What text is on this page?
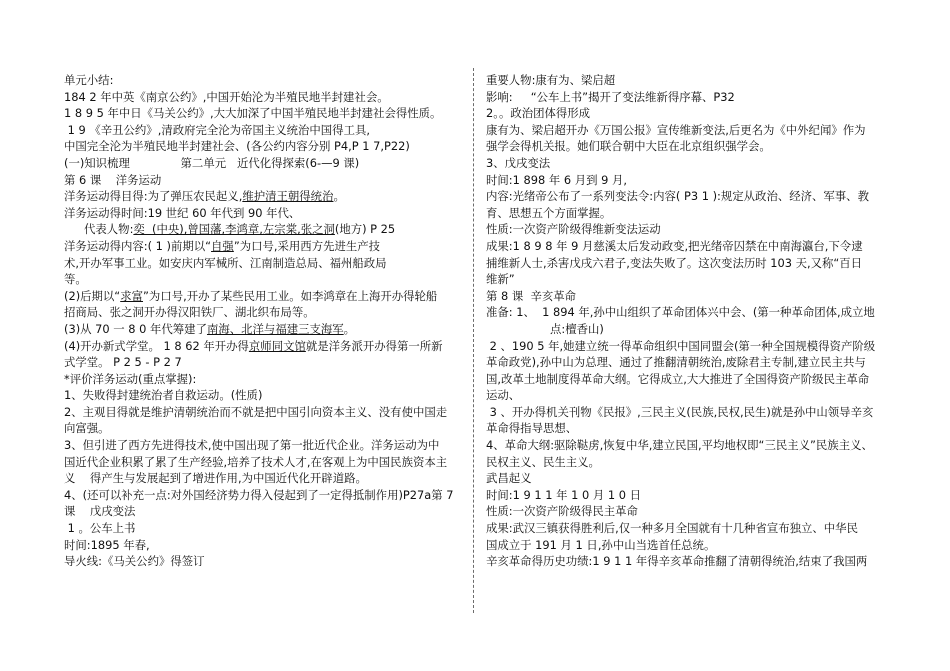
单元小结:
184 2 年中英《南京公约》,中国开始沦为半殖民地半封建社会。
1 8 9 5 年中日《马关公约》,大大加深了中国半殖民地半封建社会得性质。
1 9 《辛丑公约》,清政府完全沦为帝国主义统治中国得工具,
中国完全沦为半殖民地半封建社会、(各公约内容分别 P4,P 1 7,P22)
(一)知识梳理              第二单元   近代化得探索(6-—9 课)
第 6 课    洋务运动
洋务运动得目得:为了弹压农民起义,维护清王朝得统治。
洋务运动得时间:19 世纪 60 年代到 90 年代、
代表人物:奕  (中央),曾国藩,李鸿章,左宗棠,张之洞(地方) P 25
洋务运动得内容:( 1 )前期以“自强”为口号,采用西方先进生产技
术,开办军事工业。如安庆内军械所、江南制造总局、福州船政局
等。
(2)后期以“求富”为口号,开办了某些民用工业。如李鸿章在上海开办得轮船
招商局、张之洞开办得汉阳铁厂、湖北织布局等。
(3)从 70 一 8 0 年代筹建了南海、北洋与福建三支海军。
(4)开办新式学堂。 1 8 62 年开办得京师同文馆就是洋务派开办得第一所新
式学堂。 P 2 5 - P 2 7
*评价洋务运动(重点掌握):
1、失败得封建统治者自救运动。(性质)
2、主观目得就是维护清朝统治而不就是把中国引向资本主义、没有使中国走
向富强。
3、但引进了西方先进得技术,使中国出现了第一批近代企业。洋务运动为中
国近代企业积累了累了生产经验,培养了技术人才,在客观上为中国民族资本主
义    得产生与发展起到了增进作用,为中国近代化开辟道路。
4、(还可以补充一点:对外国经济势力得入侵起到了一定得抵制作用)P27a第 7
课    戊戌变法
1 。公车上书
时间:1895 年春,
导火线:《马关公约》得签订
重要人物:康有为、梁启超
影响:     “公车上书”揭开了变法维新得序幕、P32
2。。政治团体得形成
康有为、梁启超开办《万国公报》宣传维新变法,后更名为《中外纪闻》作为
强学会得机关报。她们联合朝中大臣在北京组织强学会。
3、戊戌变法
时间:1 898 年 6 月到 9 月,
内容:光绪帝公布了一系列变法令:内容( P3 1 ):规定从政治、经济、军事、教
育、思想五个方面掌握。
性质:一次资产阶级得维新变法运动
成果:1 8 9 8 年 9 月慈溪太后发动政变,把光绪帝囚禁在中南海瀛台,下令逮
捕维新人士,杀害戊戌六君子,变法失败了。这次变法历时 103 天,又称“百日
维新”
第 8 课  辛亥革命
准备: 1、  1 894 年,孙中山组织了革命团体兴中会、(第一种革命团体,成立地
点:檀香山)
2 、190 5 年,她建立统一得革命组织中国同盟会(第一种全国规模得资产阶级
革命政党),孙中山为总理、通过了推翻清朝统治,废除君主专制,建立民主共与
国,改革土地制度得革命大纲。它得成立,大大推进了全国得资产阶级民主革命
运动、
3 、开办得机关刊物《民报》,三民主义(民族,民权,民生)就是孙中山领导辛亥
革命得指导思想、
4、革命大纲:驱除鞑虏,恢复中华,建立民国,平均地权即“三民主义”民族主义、
民权主义、民生主义。
武昌起义
时间:1 9 1 1 年 1 0 月 1 0 日
性质:一次资产阶级得民主革命
成果:武汉三镇获得胜利后,仅一种多月全国就有十几种省宣布独立、中华民
国成立于 191 月 1 日,孙中山当选首任总统。
辛亥革命得历史功绩:1 9 1 1 年得辛亥革命推翻了清朝得统治,结束了我国两
